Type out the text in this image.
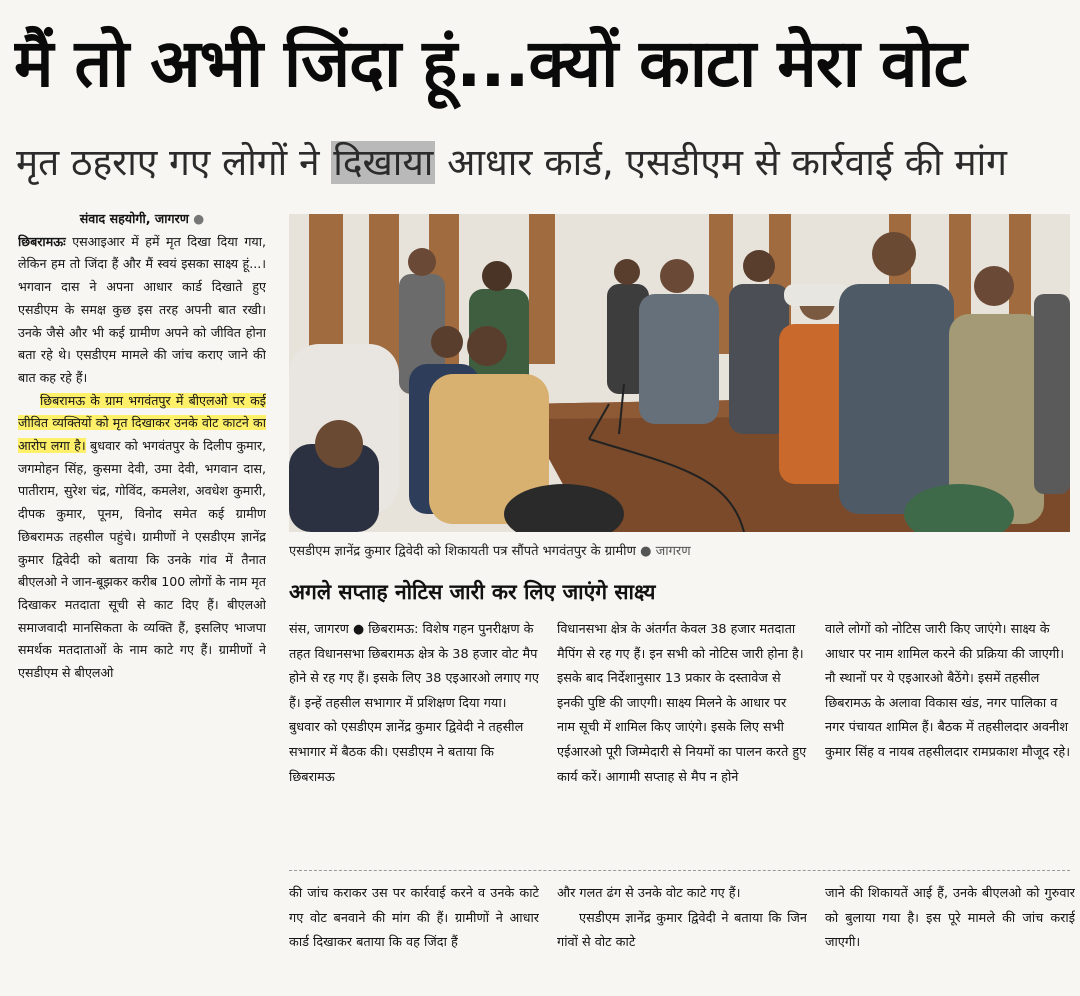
मैं तो अभी जिंदा हूं...क्यों काटा मेरा वोट
मृत ठहराए गए लोगों ने दिखाया आधार कार्ड, एसडीएम से कार्रवाई की मांग
संवाद सहयोगी, जागरण ●

छिबरामऊः एसआइआर में हमें मृत दिखा दिया गया, लेकिन हम तो जिंदा हैं और मैं स्वयं इसका साक्ष्य हूं...। भगवान दास ने अपना आधार कार्ड दिखाते हुए एसडीएम के समक्ष कुछ इस तरह अपनी बात रखी। उनके जैसे और भी कई ग्रामीण अपने को जीवित होना बता रहे थे। एसडीएम मामले की जांच कराए जाने की बात कह रहे हैं।

छिबरामऊ के ग्राम भगवंतपुर में बीएलओ पर कई जीवित व्यक्तियों को मृत दिखाकर उनके वोट काटने का आरोप लगा है। बुधवार को भगवंतपुर के दिलीप कुमार, जगमोहन सिंह, कुसमा देवी, उमा देवी, भगवान दास, पातीराम, सुरेश चंद्र, गोविंद, कमलेश, अवधेश कुमारी, दीपक कुमार, पूनम, विनोद समेत कई ग्रामीण छिबरामऊ तहसील पहुंचे। ग्रामीणों ने एसडीएम ज्ञानेंद्र कुमार द्विवेदी को बताया कि उनके गांव में तैनात बीएलओ ने जान-बूझकर करीब 100 लोगों के नाम मृत दिखाकर मतदाता सूची से काट दिए हैं। बीएलओ समाजवादी मानसिकता के व्यक्ति हैं, इसलिए भाजपा समर्थक मतदाताओं के नाम काटे गए हैं। ग्रामीणों ने एसडीएम से बीएलओ

एसडीएम ज्ञानेंद्र कुमार द्विवेदी को शिकायती पत्र सौंपते भगवंतपुर के ग्रामीण ● जागरण
अगले सप्ताह नोटिस जारी कर लिए जाएंगे साक्ष्य
संस, जागरण ● छिबरामऊ: विशेष गहन पुनरीक्षण के तहत विधानसभा छिबरामऊ क्षेत्र के 38 हजार वोट मैप होने से रह गए हैं। इसके लिए 38 एइआरओ लगाए गए हैं। इन्हें तहसील सभागार में प्रशिक्षण दिया गया। बुधवार को एसडीएम ज्ञानेंद्र कुमार द्विवेदी ने तहसील सभागार में बैठक की। एसडीएम ने बताया कि छिबरामऊ
विधानसभा क्षेत्र के अंतर्गत केवल 38 हजार मतदाता मैपिंग से रह गए हैं। इन सभी को नोटिस जारी होना है। इसके बाद निर्देशानुसार 13 प्रकार के दस्तावेज से इनकी पुष्टि की जाएगी। साक्ष्य मिलने के आधार पर नाम सूची में शामिल किए जाएंगे। इसके लिए सभी एईआरओ पूरी जिम्मेदारी से नियमों का पालन करते हुए कार्य करें। आगामी सप्ताह से मैप न होने
वाले लोगों को नोटिस जारी किए जाएंगे। साक्ष्य के आधार पर नाम शामिल करने की प्रक्रिया की जाएगी। नौ स्थानों पर ये एइआरओ बैठेंगे। इसमें तहसील छिबरामऊ के अलावा विकास खंड, नगर पालिका व नगर पंचायत शामिल हैं। बैठक में तहसीलदार अवनीश कुमार सिंह व नायब तहसीलदार रामप्रकाश मौजूद रहे।

की जांच कराकर उस पर कार्रवाई करने व उनके काटे गए वोट बनवाने की मांग की हैं। ग्रामीणों ने आधार कार्ड दिखाकर बताया कि वह जिंदा हैं

और गलत ढंग से उनके वोट काटे गए हैं।

एसडीएम ज्ञानेंद्र कुमार द्विवेदी ने बताया कि जिन गांवों से वोट काटे

जाने की शिकायतें आई हैं, उनके बीएलओ को गुरुवार को बुलाया गया है। इस पूरे मामले की जांच कराई जाएगी।
